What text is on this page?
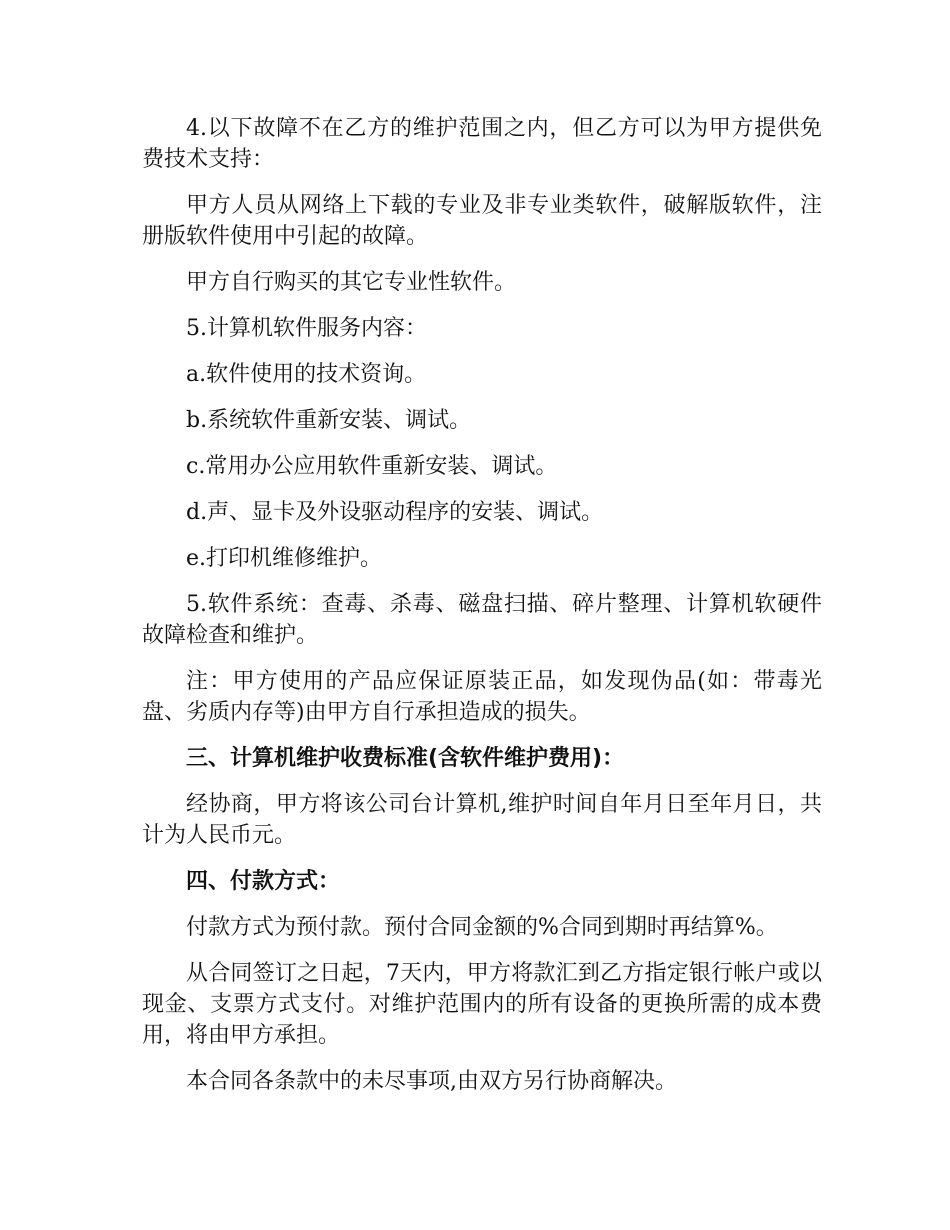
4.以下故障不在乙方的维护范围之内，但乙方可以为甲方提供免费技术支持：

甲方人员从网络上下载的专业及非专业类软件，破解版软件，注册版软件使用中引起的故障。

甲方自行购买的其它专业性软件。

5.计算机软件服务内容：

a.软件使用的技术资询。

b.系统软件重新安装、调试。

c.常用办公应用软件重新安装、调试。

d.声、显卡及外设驱动程序的安装、调试。

e.打印机维修维护。

5.软件系统：查毒、杀毒、磁盘扫描、碎片整理、计算机软硬件故障检查和维护。

注：甲方使用的产品应保证原装正品，如发现伪品(如：带毒光盘、劣质内存等)由甲方自行承担造成的损失。

三、计算机维护收费标准(含软件维护费用)：

经协商，甲方将该公司台计算机,维护时间自年月日至年月日，共计为人民币元。

四、付款方式：

付款方式为预付款。预付合同金额的%合同到期时再结算%。

从合同签订之日起，7天内，甲方将款汇到乙方指定银行帐户或以现金、支票方式支付。对维护范围内的所有设备的更换所需的成本费用，将由甲方承担。

本合同各条款中的未尽事项,由双方另行协商解决。
